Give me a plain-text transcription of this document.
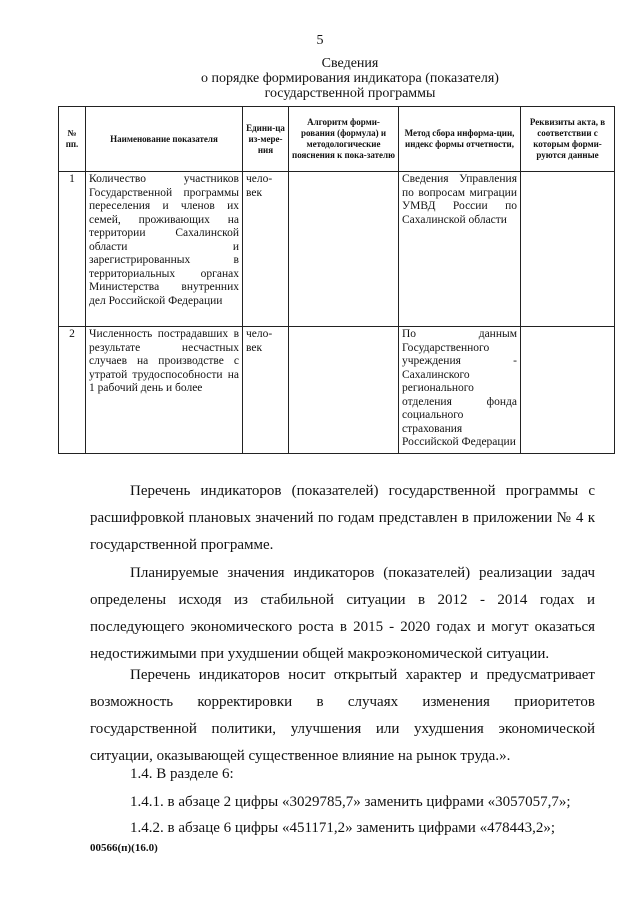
5
Сведения
о порядке формирования индикатора (показателя)
государственной программы
№ пп.	Наименование показателя	Едини-ца из-мере-ния	Алгоритм форми-рования (формула) и методологические пояснения к пока-зателю	Метод сбора информа-ции, индекс формы отчетности,	Реквизиты акта, в соответствии с которым форми-руются данные
1	Количество участников Государственной программы переселения и членов их семей, проживающих на территории Сахалинской области и зарегистрированных в территориальных органах Министерства внутренних дел Российской Федерации	чело-век		Сведения Управления по вопросам миграции УМВД России по Сахалинской области	
2	Численность пострадавших в результате несчастных случаев на производстве с утратой трудоспособности на 1 рабочий день и более	чело-век		По данным Государственного учреждения - Сахалинского регионального отделения фонда социального страхования Российской Федерации	
Перечень индикаторов (показателей) государственной программы с расшифровкой плановых значений по годам представлен в приложении № 4 к государственной программе.
Планируемые значения индикаторов (показателей) реализации задач определены исходя из стабильной ситуации в 2012 - 2014 годах и последующего экономического роста в 2015 - 2020 годах и могут оказаться недостижимыми при ухудшении общей макроэкономической ситуации.
Перечень индикаторов носит открытый характер и предусматривает возможность корректировки в случаях изменения приоритетов государственной политики, улучшения или ухудшения экономической ситуации, оказывающей существенное влияние на рынок труда.».
1.4. В разделе 6:
1.4.1. в абзаце 2 цифры «3029785,7» заменить цифрами «3057057,7»;
1.4.2. в абзаце 6 цифры «451171,2» заменить цифрами «478443,2»;
00566(п)(16.0)
